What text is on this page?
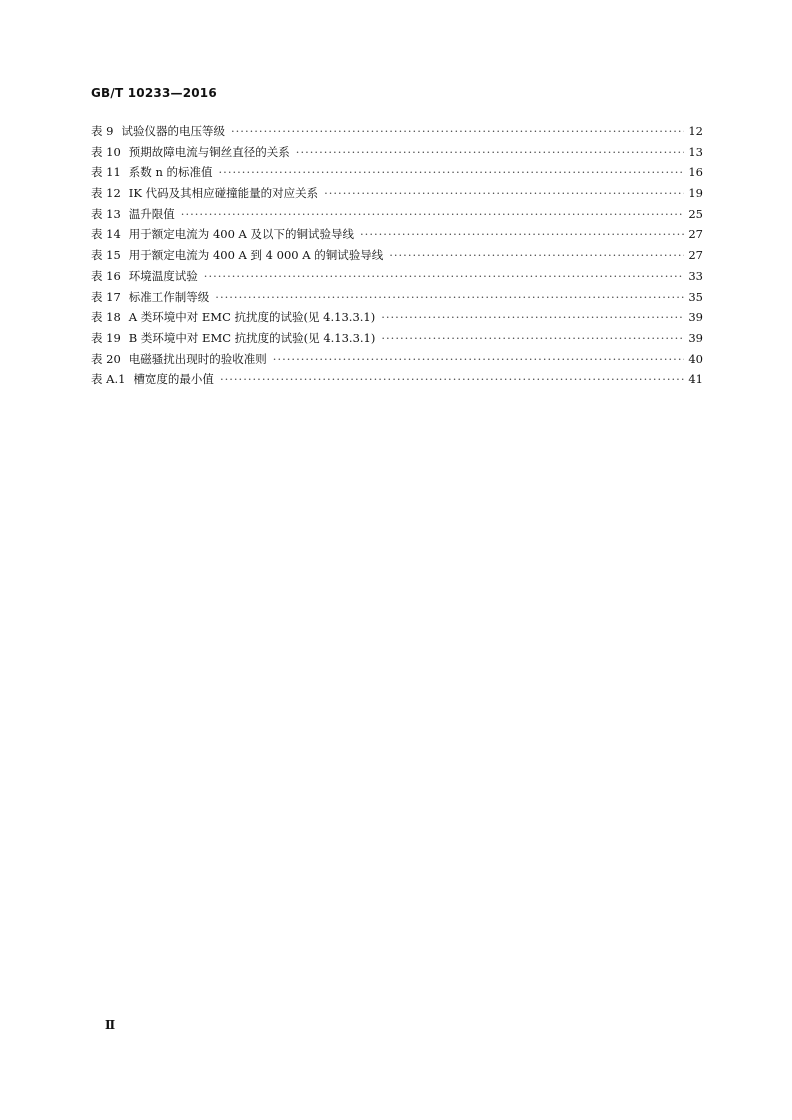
GB/T 10233—2016
表 9 试验仪器的电压等级 ·····	12
表 10 预期故障电流与铜丝直径的关系 ·····	13
表 11 系数 n 的标准值 ·····	16
表 12 IK 代码及其相应碰撞能量的对应关系 ·····	19
表 13 温升限值 ·····	25
表 14 用于额定电流为 400 A 及以下的铜试验导线 ·····	27
表 15 用于额定电流为 400 A 到 4 000 A 的铜试验导线 ·····	27
表 16 环境温度试验 ·····	33
表 17 标准工作制等级 ·····	35
表 18 A 类环境中对 EMC 抗扰度的试验(见 4.13.3.1) ·····	39
表 19 B 类环境中对 EMC 抗扰度的试验(见 4.13.3.1) ·····	39
表 20 电磁骚扰出现时的验收准则 ·····	40
表 A.1 槽宽度的最小值 ·····	41
Ⅱ
